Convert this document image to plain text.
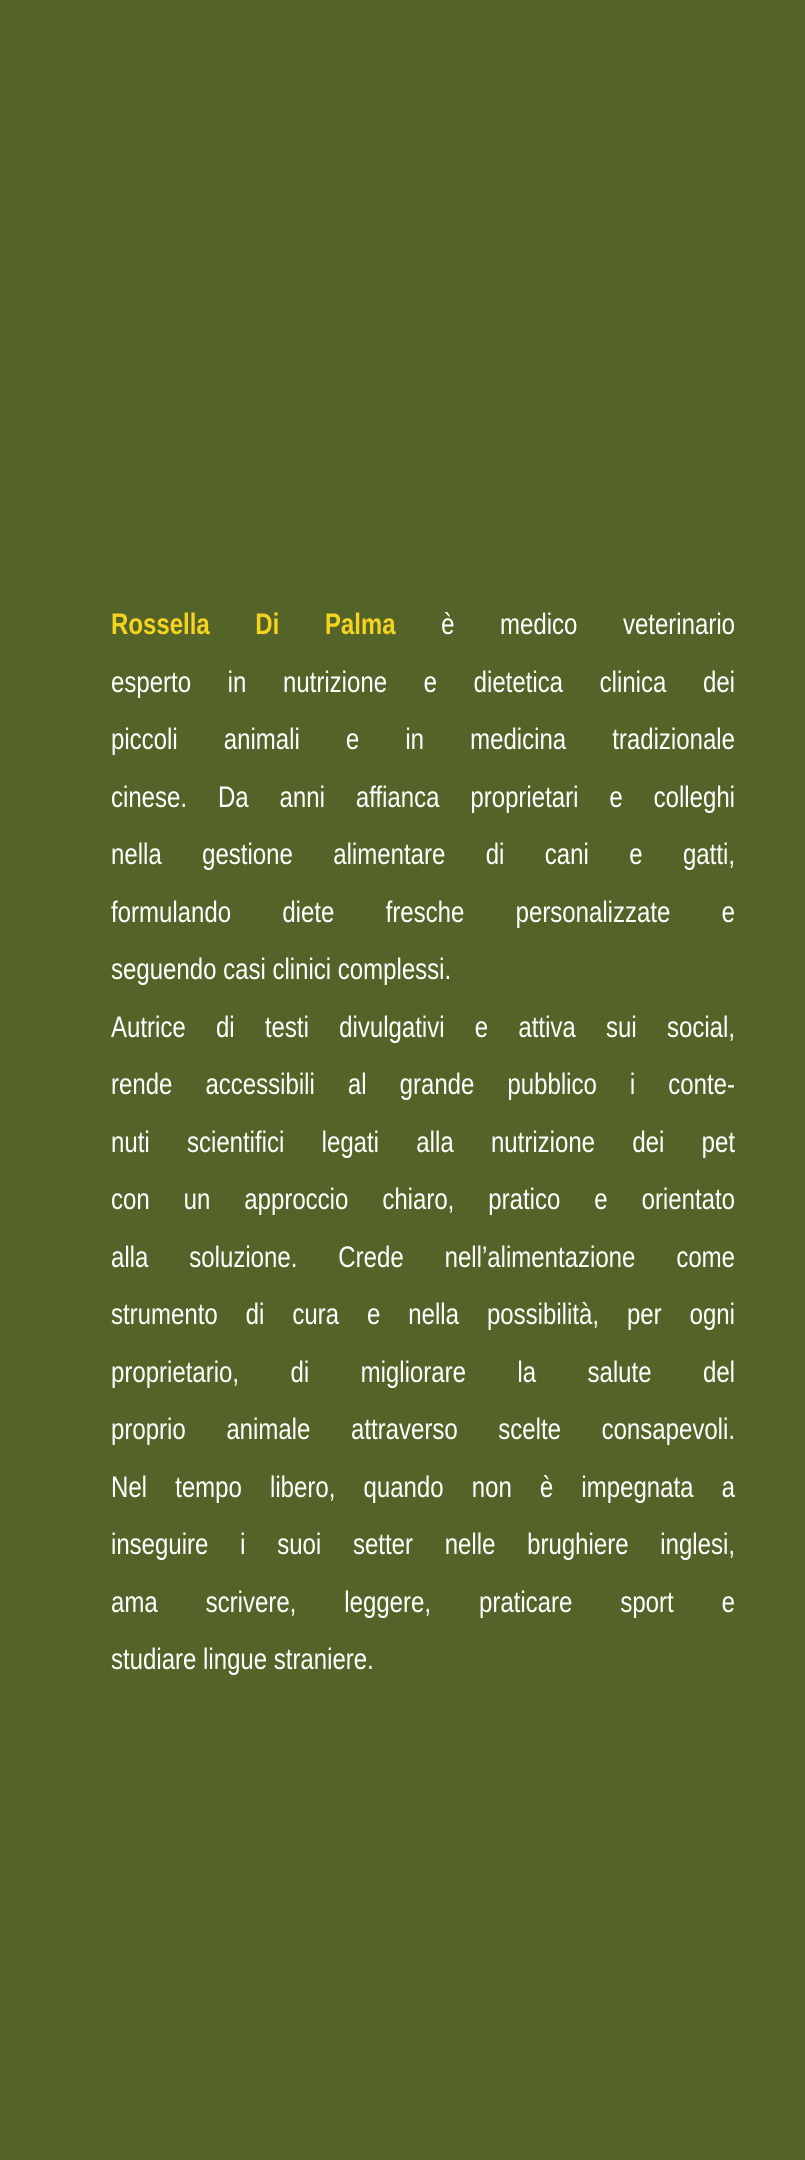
Rossella Di Palma è medico veterinario
esperto in nutrizione e dietetica clinica dei
piccoli animali e in medicina tradizionale
cinese. Da anni affianca proprietari e colleghi
nella gestione alimentare di cani e gatti,
formulando diete fresche personalizzate e
seguendo casi clinici complessi.
Autrice di testi divulgativi e attiva sui social,
rende accessibili al grande pubblico i conte-
nuti scientifici legati alla nutrizione dei pet
con un approccio chiaro, pratico e orientato
alla soluzione. Crede nell’alimentazione come
strumento di cura e nella possibilità, per ogni
proprietario, di migliorare la salute del
proprio animale attraverso scelte consapevoli.
Nel tempo libero, quando non è impegnata a
inseguire i suoi setter nelle brughiere inglesi,
ama scrivere, leggere, praticare sport e
studiare lingue straniere.
